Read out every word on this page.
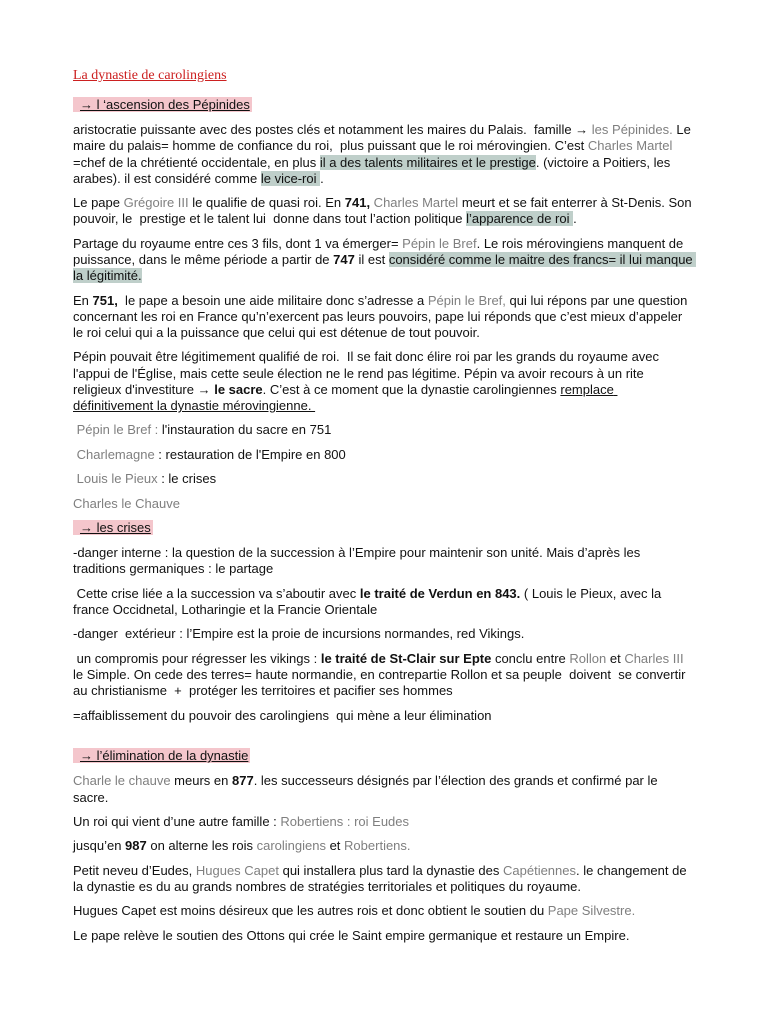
La dynastie de carolingiens
→ l ‘ascension des Pépinides

aristocratie puissante avec des postes clés et notamment les maires du Palais.  famille → les Pépinides. Le maire du palais= homme de confiance du roi,  plus puissant que le roi mérovingien. C’est Charles Martel =chef de la chrétienté occidentale, en plus il a des talents militaires et le prestige. (victoire a Poitiers, les arabes). il est considéré comme le vice-roi .

Le pape Grégoire III le qualifie de quasi roi. En 741, Charles Martel meurt et se fait enterrer à St-Denis. Son pouvoir, le  prestige et le talent lui  donne dans tout l’action politique l’apparence de roi .

Partage du royaume entre ces 3 fils, dont 1 va émerger= Pépin le Bref. Le rois mérovingiens manquent de puissance, dans le même période a partir de 747 il est considéré comme le maitre des francs= il lui manque la légitimité.

En 751,  le pape a besoin une aide militaire donc s’adresse a Pépin le Bref, qui lui répons par une question concernant les roi en France qu’n’exercent pas leurs pouvoirs, pape lui réponds que c’est mieux d’appeler le roi celui qui a la puissance que celui qui est détenue de tout pouvoir.

Pépin pouvait être légitimement qualifié de roi.  Il se fait donc élire roi par les grands du royaume avec l'appui de l'Église, mais cette seule élection ne le rend pas légitime. Pépin va avoir recours à un rite religieux d'investiture → le sacre. C’est à ce moment que la dynastie carolingiennes remplace définitivement la dynastie mérovingienne.

Pépin le Bref : l'instauration du sacre en 751

Charlemagne : restauration de l'Empire en 800

Louis le Pieux : le crises

Charles le Chauve

→ les crises

-danger interne : la question de la succession à l’Empire pour maintenir son unité. Mais d’après les traditions germaniques : le partage

Cette crise liée a la succession va s’aboutir avec le traité de Verdun en 843. ( Louis le Pieux, avec la france Occidnetal, Lotharingie et la Francie Orientale

-danger  extérieur : l’Empire est la proie de incursions normandes, red Vikings.

un compromis pour régresser les vikings : le traité de St-Clair sur Epte conclu entre Rollon et Charles III le Simple. On cede des terres= haute normandie, en contrepartie Rollon et sa peuple  doivent  se convertir au christianisme  +  protéger les territoires et pacifier ses hommes

=affaiblissement du pouvoir des carolingiens  qui mène a leur élimination

→ l’élimination de la dynastie

Charle le chauve meurs en 877. les successeurs désignés par l’élection des grands et confirmé par le sacre.

Un roi qui vient d’une autre famille : Robertiens : roi Eudes

jusqu’en 987 on alterne les rois carolingiens et Robertiens.

Petit neveu d’Eudes, Hugues Capet qui installera plus tard la dynastie des Capétiennes. le changement de la dynastie es du au grands nombres de stratégies territoriales et politiques du royaume.

Hugues Capet est moins désireux que les autres rois et donc obtient le soutien du Pape Silvestre.

Le pape relève le soutien des Ottons qui crée le Saint empire germanique et restaure un Empire.
